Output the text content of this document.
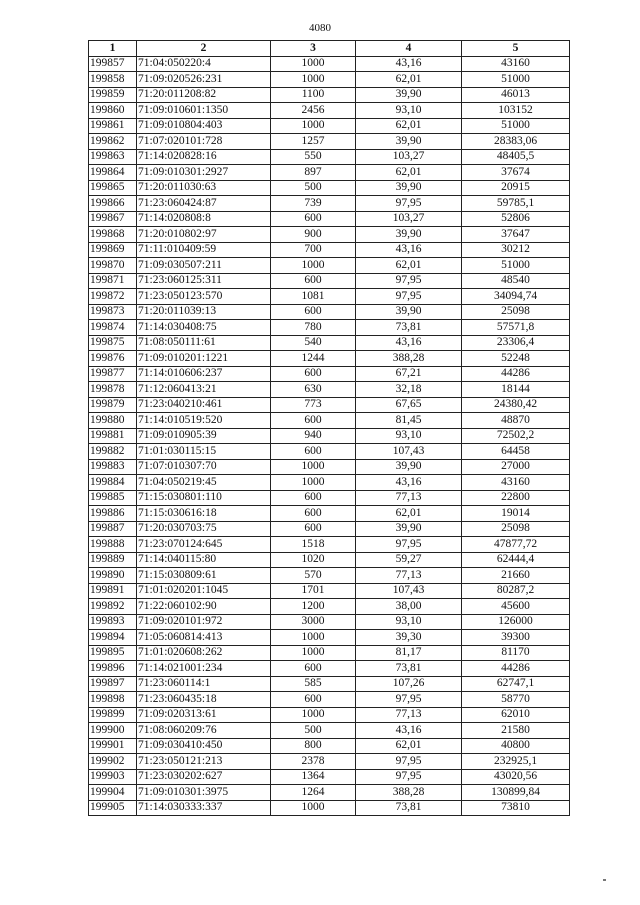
4080
1	2	3	4	5
199857	71:04:050220:4	1000	43,16	43160
199858	71:09:020526:231	1000	62,01	51000
199859	71:20:011208:82	1100	39,90	46013
199860	71:09:010601:1350	2456	93,10	103152
199861	71:09:010804:403	1000	62,01	51000
199862	71:07:020101:728	1257	39,90	28383,06
199863	71:14:020828:16	550	103,27	48405,5
199864	71:09:010301:2927	897	62,01	37674
199865	71:20:011030:63	500	39,90	20915
199866	71:23:060424:87	739	97,95	59785,1
199867	71:14:020808:8	600	103,27	52806
199868	71:20:010802:97	900	39,90	37647
199869	71:11:010409:59	700	43,16	30212
199870	71:09:030507:211	1000	62,01	51000
199871	71:23:060125:311	600	97,95	48540
199872	71:23:050123:570	1081	97,95	34094,74
199873	71:20:011039:13	600	39,90	25098
199874	71:14:030408:75	780	73,81	57571,8
199875	71:08:050111:61	540	43,16	23306,4
199876	71:09:010201:1221	1244	388,28	52248
199877	71:14:010606:237	600	67,21	44286
199878	71:12:060413:21	630	32,18	18144
199879	71:23:040210:461	773	67,65	24380,42
199880	71:14:010519:520	600	81,45	48870
199881	71:09:010905:39	940	93,10	72502,2
199882	71:01:030115:15	600	107,43	64458
199883	71:07:010307:70	1000	39,90	27000
199884	71:04:050219:45	1000	43,16	43160
199885	71:15:030801:110	600	77,13	22800
199886	71:15:030616:18	600	62,01	19014
199887	71:20:030703:75	600	39,90	25098
199888	71:23:070124:645	1518	97,95	47877,72
199889	71:14:040115:80	1020	59,27	62444,4
199890	71:15:030809:61	570	77,13	21660
199891	71:01:020201:1045	1701	107,43	80287,2
199892	71:22:060102:90	1200	38,00	45600
199893	71:09:020101:972	3000	93,10	126000
199894	71:05:060814:413	1000	39,30	39300
199895	71:01:020608:262	1000	81,17	81170
199896	71:14:021001:234	600	73,81	44286
199897	71:23:060114:1	585	107,26	62747,1
199898	71:23:060435:18	600	97,95	58770
199899	71:09:020313:61	1000	77,13	62010
199900	71:08:060209:76	500	43,16	21580
199901	71:09:030410:450	800	62,01	40800
199902	71:23:050121:213	2378	97,95	232925,1
199903	71:23:030202:627	1364	97,95	43020,56
199904	71:09:010301:3975	1264	388,28	130899,84
199905	71:14:030333:337	1000	73,81	73810
